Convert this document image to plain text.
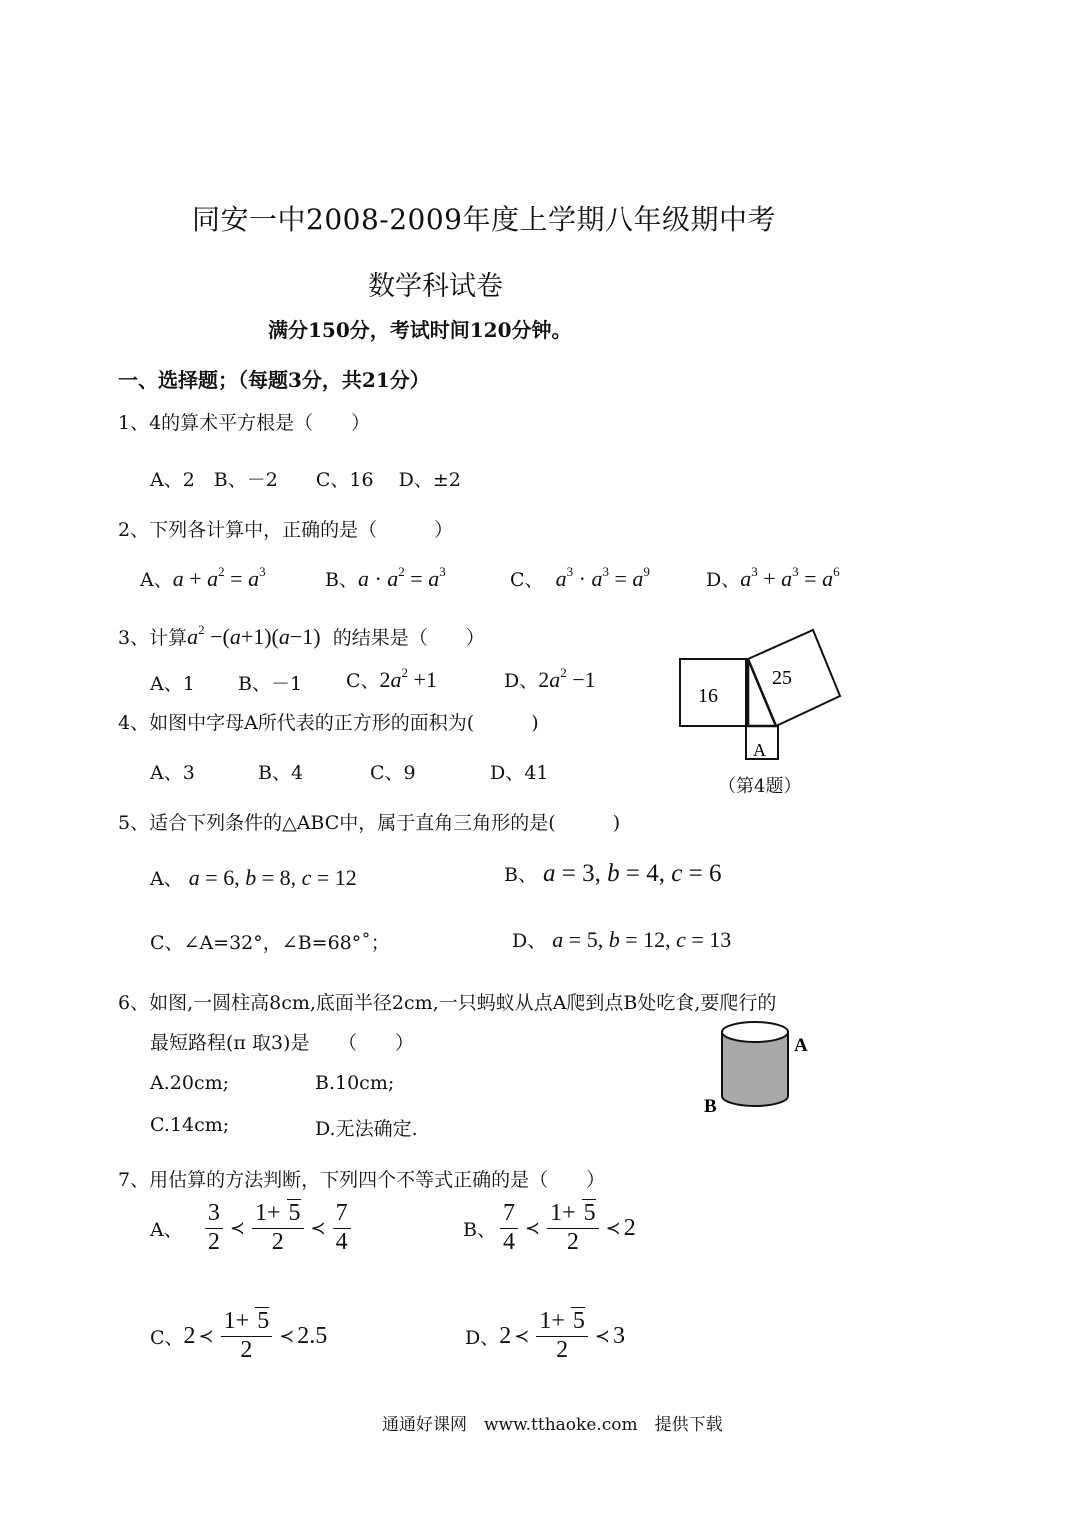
同安一中2008-2009年度上学期八年级期中考
数学科试卷
满分150分，考试时间120分钟。
一、选择题；（每题3分，共21分）
1、4的算术平方根是（　　）
A、2　B、－2　　C、16　 D、±2
2、下列各计算中，正确的是（　　　）
A、$a + a^2 = a^3$	B、$a \cdot a^2 = a^3$	C、 $a^3 \cdot a^3 = a^9$	D、$a^3 + a^3 = a^6$
3、计算$a^2 -(a+1)(a-1)$ 的结果是（　　）
A、1 B、－1 C、$2a^2 +1$	D、$2a^2 -1$
4、如图中字母A所代表的正方形的面积为(　　　)
A、3	B、4	C、9	D、41
16
25
A
（第4题）
5、适合下列条件的△ABC中，属于直角三角形的是(　　　)
A、 a = 6, b = 8, c = 12	B、 a = 3, b = 4, c = 6
C、∠A=32°，∠B=68°˚；	D、 a = 5, b = 12, c = 13
6、如图,一圆柱高8cm,底面半径2cm,一只蚂蚁从点A爬到点B处吃食,要爬行的
最短路程(π 取3)是　　（　　）
A.20cm;	B.10cm;
C.14cm;	D.无法确定.
A
B
7、用估算的方法判断，下列四个不等式正确的是（　　）
A、
$\frac{3}{2}$ ≺ $\frac{1+ 5}{2}$ ≺ $\frac{7}{4}$	B、 $\frac{7}{4}$ ≺ $\frac{1+ 5}{2}$ ≺ 2
C、 2 ≺ $\frac{1+ 5}{2}$ ≺ 2.5	D、 2 ≺ $\frac{1+ 5}{2}$ ≺ 3
通通好课网　www.tthaoke.com　提供下载
